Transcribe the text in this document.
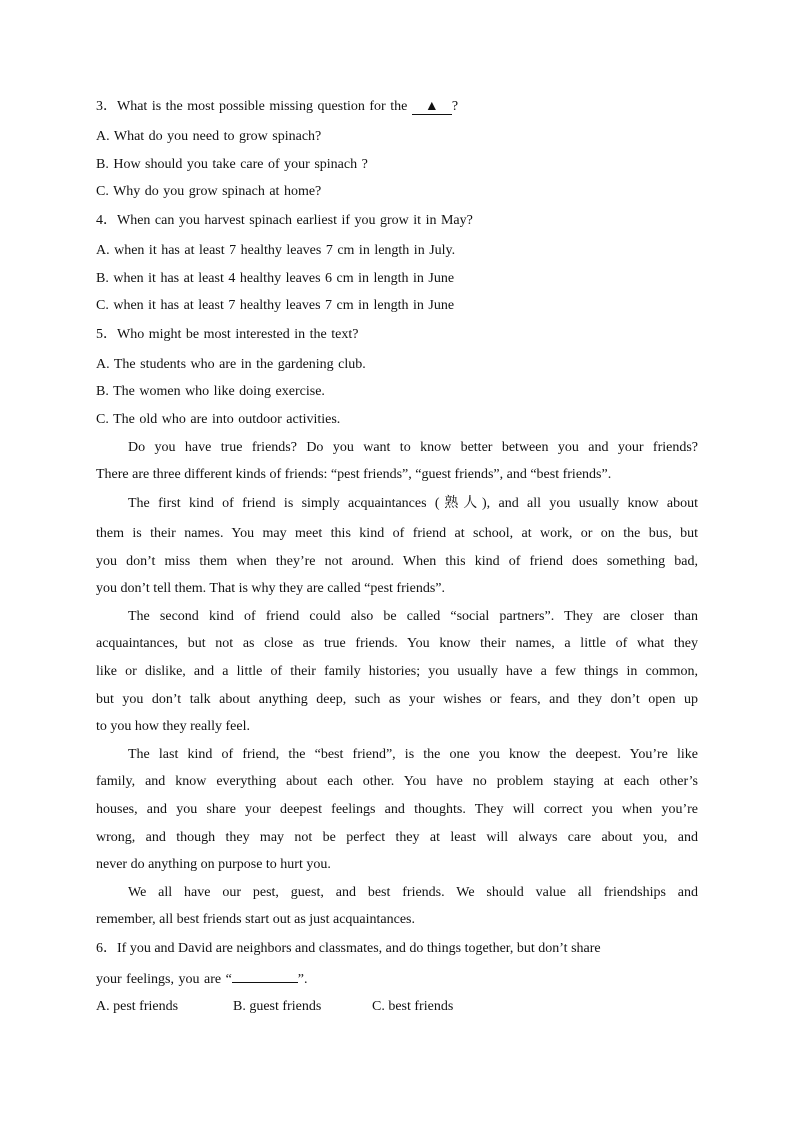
3．What is the most possible missing question for the ▲ ?
A. What do you need to grow spinach?
B. How should you take care of your spinach ?
C. Why do you grow spinach at home?
4．When can you harvest spinach earliest if you grow it in May?
A. when it has at least 7 healthy leaves 7 cm in length in July.
B. when it has at least 4 healthy leaves 6 cm in length in June
C. when it has at least 7 healthy leaves 7 cm in length in June
5．Who might be most interested in the text?
A. The students who are in the gardening club.
B. The women who like doing exercise.
C. The old who are into outdoor activities.
Do you have true friends? Do you want to know better between you and your friends?
There are three different kinds of friends: “pest friends”, “guest friends”, and “best friends”.
The first kind of friend is simply acquaintances (熟人), and all you usually know about
them is their names. You may meet this kind of friend at school, at work, or on the bus, but
you don’t miss them when they’re not around. When this kind of friend does something bad,
you don’t tell them. That is why they are called “pest friends”.
The second kind of friend could also be called “social partners”. They are closer than
acquaintances, but not as close as true friends. You know their names, a little of what they
like or dislike, and a little of their family histories; you usually have a few things in common,
but you don’t talk about anything deep, such as your wishes or fears, and they don’t open up
to you how they really feel.
The last kind of friend, the “best friend”, is the one you know the deepest. You’re like
family, and know everything about each other. You have no problem staying at each other’s
houses, and you share your deepest feelings and thoughts. They will correct you when you’re
wrong, and though they may not be perfect they at least will always care about you, and
never do anything on purpose to hurt you.
We all have our pest, guest, and best friends. We should value all friendships and
remember, all best friends start out as just acquaintances.
6．If you and David are neighbors and classmates, and do things together, but don’t share
your feelings, you are “	”.
A. pest friends	B. guest friends	C. best friends
